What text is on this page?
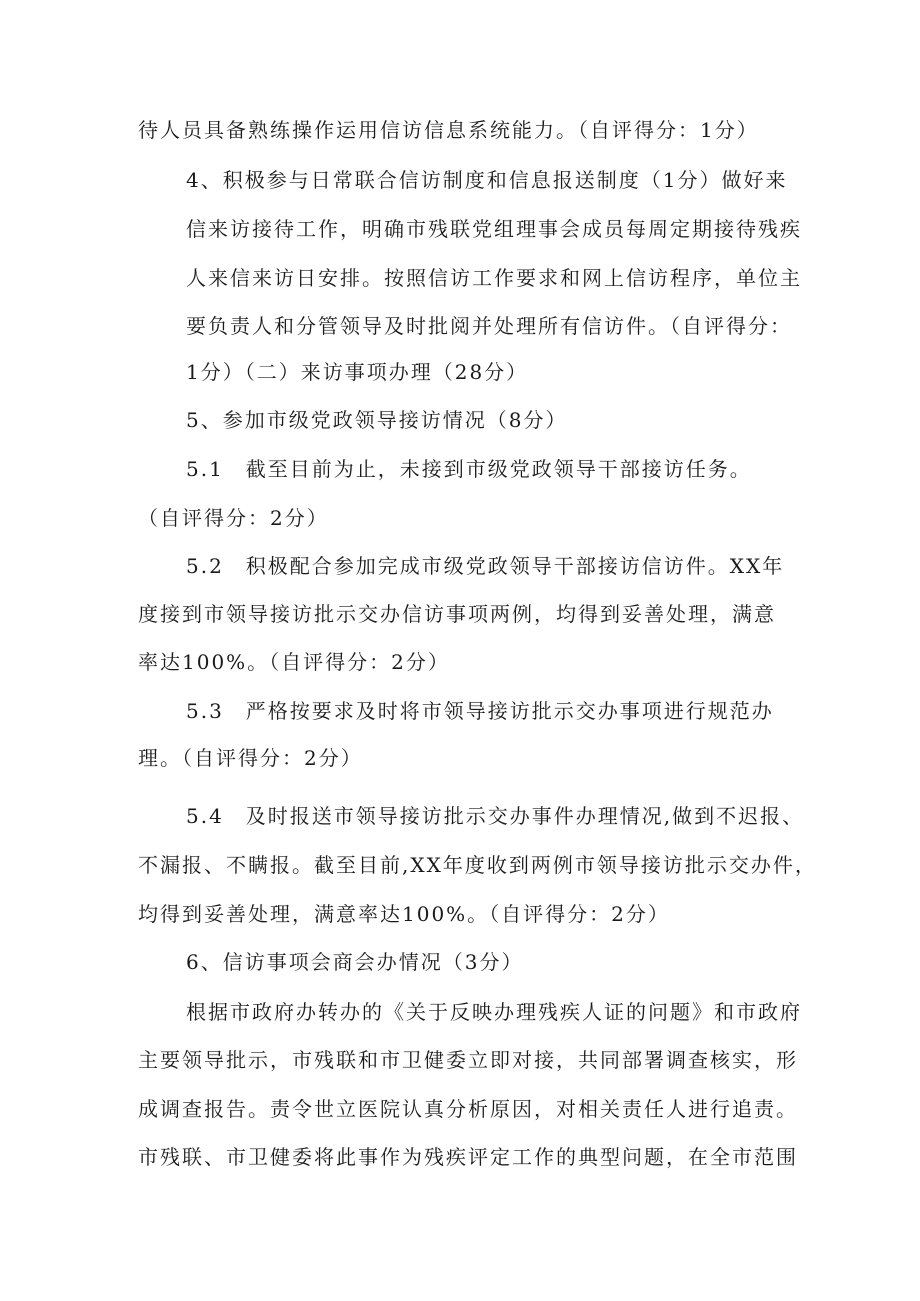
待人员具备熟练操作运用信访信息系统能力。（自评得分：1分）
4、积极参与日常联合信访制度和信息报送制度（1分）做好来
信来访接待工作，明确市残联党组理事会成员每周定期接待残疾
人来信来访日安排。按照信访工作要求和网上信访程序，单位主
要负责人和分管领导及时批阅并处理所有信访件。（自评得分：
1分）（二）来访事项办理（28分）
5、参加市级党政领导接访情况（8分）
5.1　截至目前为止，未接到市级党政领导干部接访任务。
（自评得分：2分）
5.2　积极配合参加完成市级党政领导干部接访信访件。XX年
度接到市领导接访批示交办信访事项两例，均得到妥善处理，满意
率达100%。（自评得分：2分）
5.3　严格按要求及时将市领导接访批示交办事项进行规范办
理。（自评得分：2分）
5.4　及时报送市领导接访批示交办事件办理情况,做到不迟报、
不漏报、不瞒报。截至目前,XX年度收到两例市领导接访批示交办件，
均得到妥善处理，满意率达100%。（自评得分：2分）
6、信访事项会商会办情况（3分）
根据市政府办转办的《关于反映办理残疾人证的问题》和市政府
主要领导批示，市残联和市卫健委立即对接，共同部署调查核实，形
成调查报告。责令世立医院认真分析原因，对相关责任人进行追责。
市残联、市卫健委将此事作为残疾评定工作的典型问题，在全市范围
